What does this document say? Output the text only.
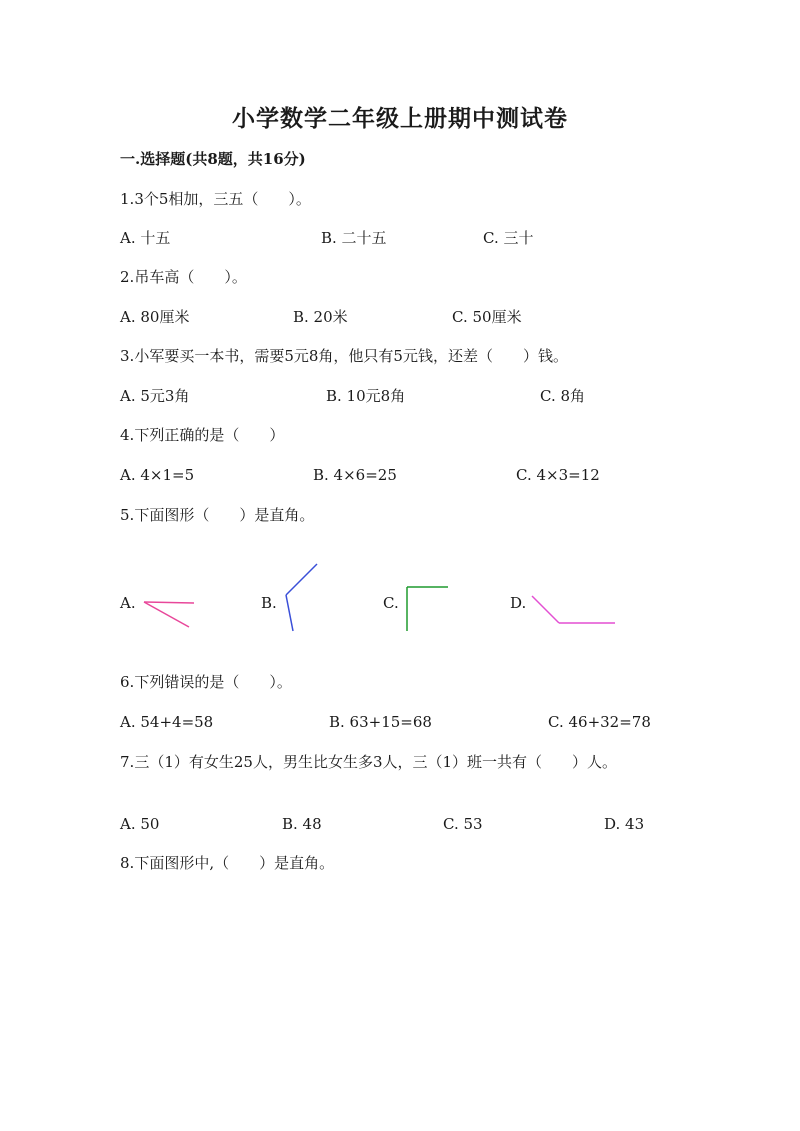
小学数学二年级上册期中测试卷
一.选择题(共8题，共16分)
1.3个5相加，三五（　　）。
A. 十五	B. 二十五	C. 三十
2.吊车高（　　）。
A. 80厘米	B. 20米	C. 50厘米
3.小军要买一本书，需要5元8角，他只有5元钱，还差（　　）钱。
A. 5元3角	B. 10元8角	C. 8角
4.下列正确的是（　　）
A. 4×1=5	B. 4×6=25	C. 4×3=12
5.下面图形（　　）是直角。
A.	B.	C.	D.
6.下列错误的是（　　）。
A. 54+4=58	B. 63+15=68	C. 46+32=78
7.三（1）有女生25人，男生比女生多3人，三（1）班一共有（　　）人。
A. 50	B. 48	C. 53	D. 43
8.下面图形中,（　　）是直角。
